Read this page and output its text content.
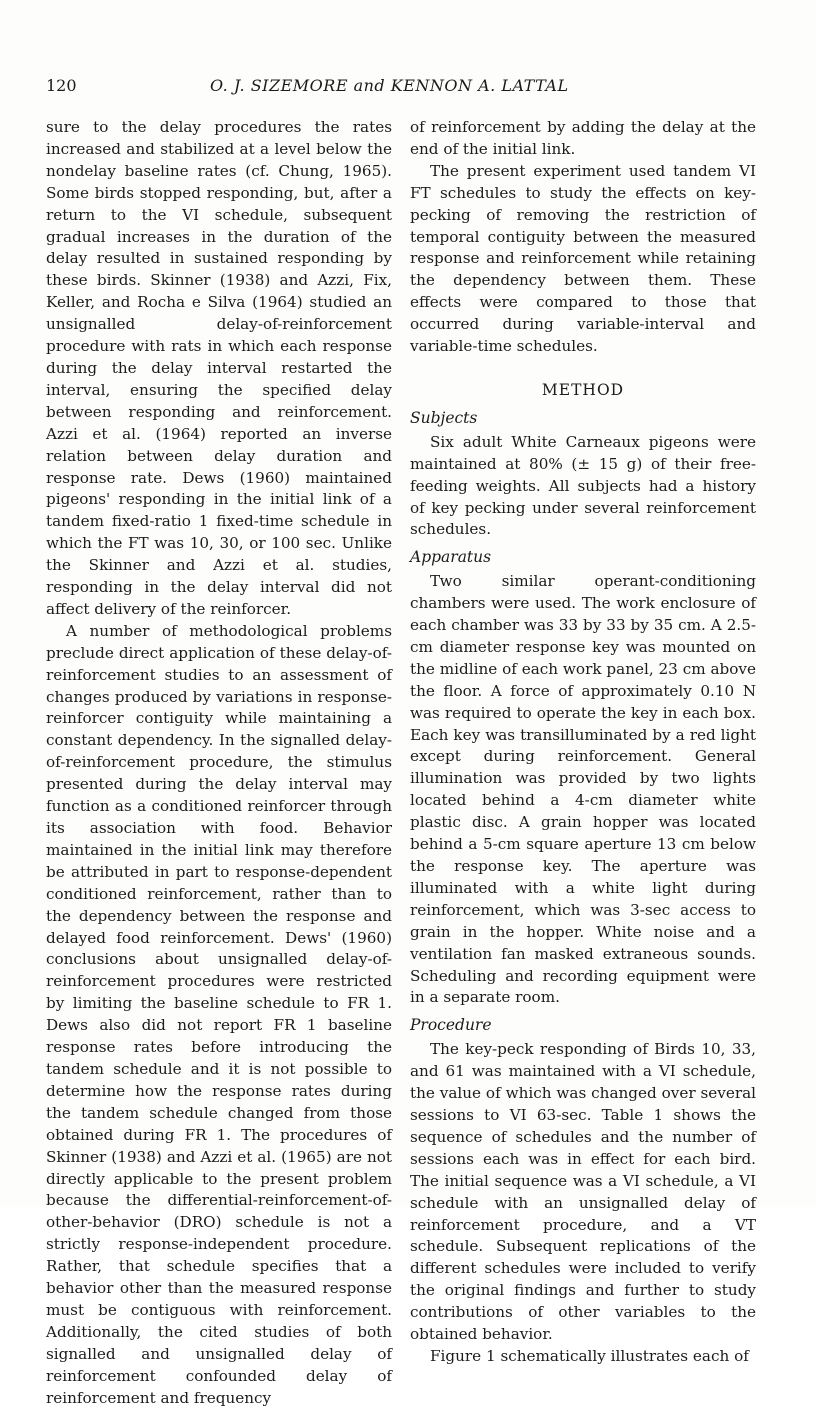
120	O. J. SIZEMORE and KENNON A. LATTAL

sure to the delay procedures the rates increased and stabilized at a level below the nondelay baseline rates (cf. Chung, 1965). Some birds stopped responding, but, after a return to the VI schedule, subsequent gradual increases in the duration of the delay resulted in sustained responding by these birds. Skinner (1938) and Azzi, Fix, Keller, and Rocha e Silva (1964) studied an unsignalled delay-of-reinforcement procedure with rats in which each response during the delay interval restarted the interval, ensuring the specified delay between responding and reinforcement. Azzi et al. (1964) reported an inverse relation between delay duration and response rate. Dews (1960) maintained pigeons' responding in the initial link of a tandem fixed-ratio 1 fixed-time schedule in which the FT was 10, 30, or 100 sec. Unlike the Skinner and Azzi et al. studies, responding in the delay interval did not affect delivery of the reinforcer.

A number of methodological problems preclude direct application of these delay-of-reinforcement studies to an assessment of changes produced by variations in response-reinforcer contiguity while maintaining a constant dependency. In the signalled delay-of-reinforcement procedure, the stimulus presented during the delay interval may function as a conditioned reinforcer through its association with food. Behavior maintained in the initial link may therefore be attributed in part to response-dependent conditioned reinforcement, rather than to the dependency between the response and delayed food reinforcement. Dews' (1960) conclusions about unsignalled delay-of-reinforcement procedures were restricted by limiting the baseline schedule to FR 1. Dews also did not report FR 1 baseline response rates before introducing the tandem schedule and it is not possible to determine how the response rates during the tandem schedule changed from those obtained during FR 1. The procedures of Skinner (1938) and Azzi et al. (1965) are not directly applicable to the present problem because the differential-reinforcement-of-other-behavior (DRO) schedule is not a strictly response-independent procedure. Rather, that schedule specifies that a behavior other than the measured response must be contiguous with reinforcement. Additionally, the cited studies of both signalled and unsignalled delay of reinforcement confounded delay of reinforcement and frequency

of reinforcement by adding the delay at the end of the initial link.

The present experiment used tandem VI FT schedules to study the effects on key-pecking of removing the restriction of temporal contiguity between the measured response and reinforcement while retaining the dependency between them. These effects were compared to those that occurred during variable-interval and variable-time schedules.

METHOD
Subjects

Six adult White Carneaux pigeons were maintained at 80% (± 15 g) of their free-feeding weights. All subjects had a history of key pecking under several reinforcement schedules.

Apparatus

Two similar operant-conditioning chambers were used. The work enclosure of each chamber was 33 by 33 by 35 cm. A 2.5-cm diameter response key was mounted on the midline of each work panel, 23 cm above the floor. A force of approximately 0.10 N was required to operate the key in each box. Each key was transilluminated by a red light except during reinforcement. General illumination was provided by two lights located behind a 4-cm diameter white plastic disc. A grain hopper was located behind a 5-cm square aperture 13 cm below the response key. The aperture was illuminated with a white light during reinforcement, which was 3-sec access to grain in the hopper. White noise and a ventilation fan masked extraneous sounds. Scheduling and recording equipment were in a separate room.

Procedure

The key-peck responding of Birds 10, 33, and 61 was maintained with a VI schedule, the value of which was changed over several sessions to VI 63-sec. Table 1 shows the sequence of schedules and the number of sessions each was in effect for each bird. The initial sequence was a VI schedule, a VI schedule with an unsignalled delay of reinforcement procedure, and a VT schedule. Subsequent replications of the different schedules were included to verify the original findings and further to study contributions of other variables to the obtained behavior.

Figure 1 schematically illustrates each of
